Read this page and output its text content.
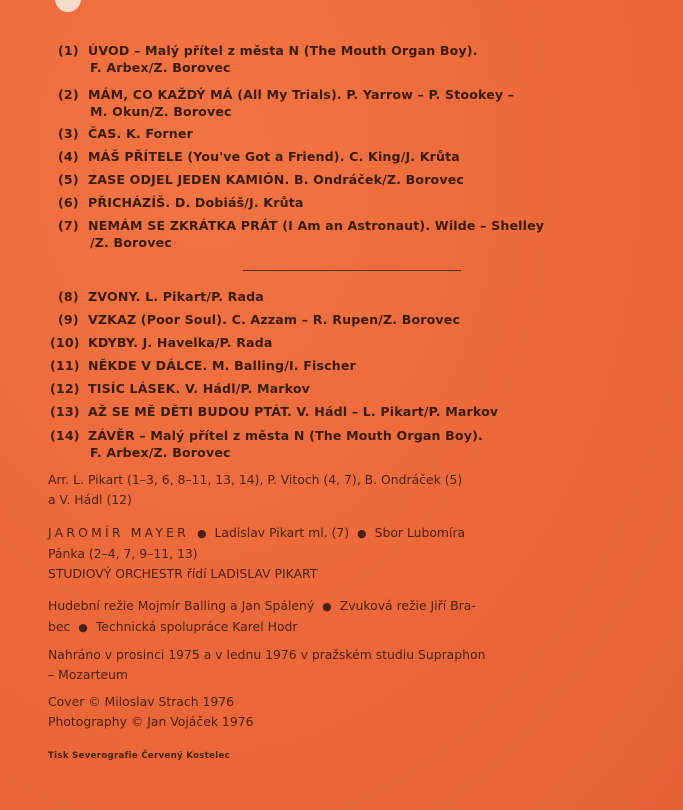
(1) ÚVOD – Malý přítel z města N (The Mouth Organ Boy).
F. Arbex/Z. Borovec
(2) MÁM, CO KAŽDÝ MÁ (All My Trials). P. Yarrow – P. Stookey –
M. Okun/Z. Borovec
(3) ČAS. K. Forner
(4) MÁŠ PŘÍTELE (You've Got a Friend). C. King/J. Krůta
(5) ZASE ODJEL JEDEN KAMIÓN. B. Ondráček/Z. Borovec
(6) PŘICHÁZÍŠ. D. Dobiáš/J. Krůta
(7) NEMÁM SE ZKRÁTKA PRÁT (I Am an Astronaut). Wilde – Shelley
/Z. Borovec
(8) ZVONY. L. Pikart/P. Rada
(9) VZKAZ (Poor Soul). C. Azzam – R. Rupen/Z. Borovec
(10) KDYBY. J. Havelka/P. Rada
(11) NĚKDE V DÁLCE. M. Balling/I. Fischer
(12) TISÍC LÁSEK. V. Hádl/P. Markov
(13) AŽ SE MĚ DĚTI BUDOU PTÁT. V. Hádl – L. Pikart/P. Markov
(14) ZÁVĚR – Malý přítel z města N (The Mouth Organ Boy).
F. Arbex/Z. Borovec
Arr. L. Pikart (1–3, 6, 8–11, 13, 14), P. Vitoch (4, 7), B. Ondráček (5)
a V. Hádl (12)
JAROMÍR MAYER ● Ladislav Pikart ml. (7) ● Sbor Lubomíra
Pánka (2–4, 7, 9–11, 13)
STUDIOVÝ ORCHESTR řídí LADISLAV PIKART
Hudební režie Mojmír Balling a Jan Spálený ● Zvuková režie Jiří Bra-
bec ● Technická spolupráce Karel Hodr
Nahráno v prosinci 1975 a v lednu 1976 v pražském studiu Supraphon
– Mozarteum
Cover © Miloslav Strach 1976
Photography © Jan Vojáček 1976
Tisk Severografie Červený Kostelec
